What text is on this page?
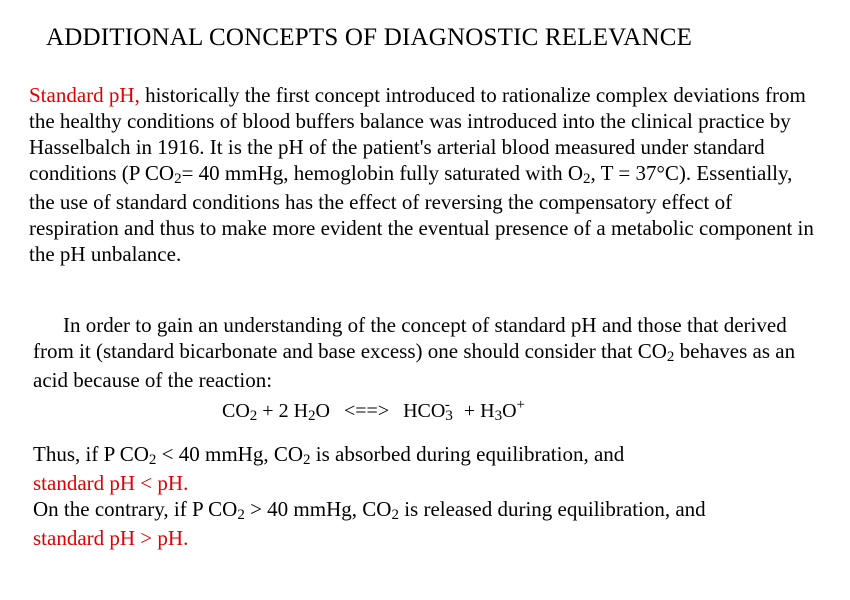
ADDITIONAL CONCEPTS OF DIAGNOSTIC RELEVANCE
Standard pH, historically the first concept introduced to rationalize complex deviations from the healthy conditions of blood buffers balance was introduced into the clinical practice by Hasselbalch in 1916. It is the pH of the patient's arterial blood measured under standard conditions (P CO2= 40 mmHg, hemoglobin fully saturated with O2, T = 37°C). Essentially, the use of standard conditions has the effect of reversing the compensatory effect of respiration and thus to make more evident the eventual presence of a metabolic component in the pH unbalance.
In order to gain an understanding of the concept of standard pH and those that derived from it (standard bicarbonate and base excess) one should consider that CO2 behaves as an acid because of the reaction:
CO2 + 2 H2O <==> HCO3- + H3O+
Thus, if P CO2 < 40 mmHg, CO2 is absorbed during equilibration, and
standard pH < pH.
On the contrary, if P CO2 > 40 mmHg, CO2 is released during equilibration, and
standard pH > pH.
